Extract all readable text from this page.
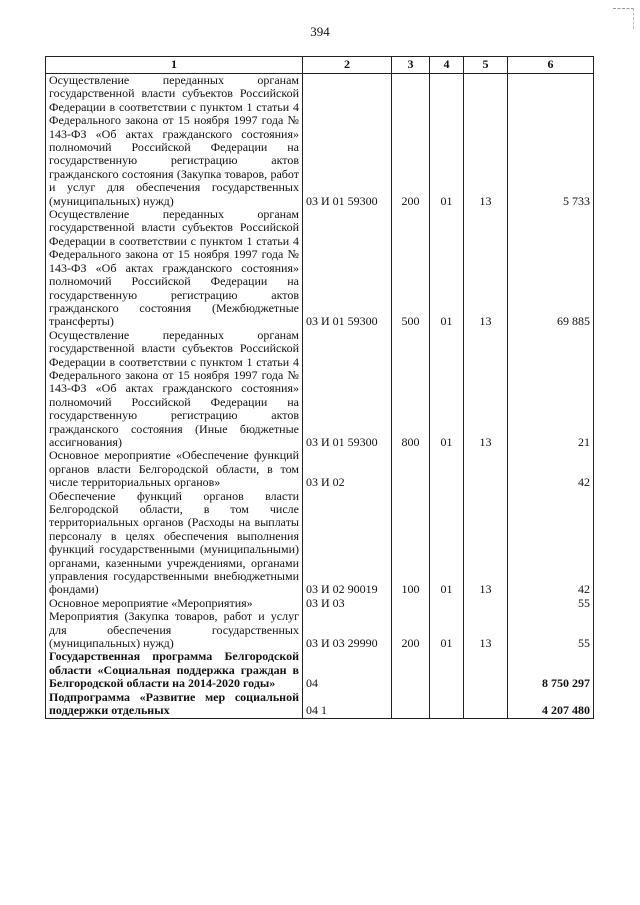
394
1	2	3	4	5	6
Осуществление переданных органам государственной власти субъектов Российской Федерации в соответствии с пунктом 1 статьи 4 Федерального закона от 15 ноября 1997 года № 143-ФЗ «Об актах гражданского состояния» полномочий Российской Федерации на государственную регистрацию актов гражданского состояния (Закупка товаров, работ и услуг для обеспечения государственных (муниципальных) нужд)	03 И 01 59300	200	01	13	5 733
Осуществление переданных органам государственной власти субъектов Российской Федерации в соответствии с пунктом 1 статьи 4 Федерального закона от 15 ноября 1997 года № 143-ФЗ «Об актах гражданского состояния» полномочий Российской Федерации на государственную регистрацию актов гражданского состояния (Межбюджетные трансферты)	03 И 01 59300	500	01	13	69 885
Осуществление переданных органам государственной власти субъектов Российской Федерации в соответствии с пунктом 1 статьи 4 Федерального закона от 15 ноября 1997 года № 143-ФЗ «Об актах гражданского состояния» полномочий Российской Федерации на государственную регистрацию актов гражданского состояния (Иные бюджетные ассигнования)	03 И 01 59300	800	01	13	21
Основное мероприятие «Обеспечение функций органов власти Белгородской области, в том числе территориальных органов»	03 И 02				42
Обеспечение функций органов власти Белгородской области, в том числе территориальных органов (Расходы на выплаты персоналу в целях обеспечения выполнения функций государственными (муниципальными) органами, казенными учреждениями, органами управления государственными внебюджетными фондами)	03 И 02 90019	100	01	13	42
Основное мероприятие «Мероприятия»	03 И 03				55
Мероприятия (Закупка товаров, работ и услуг для обеспечения государственных (муниципальных) нужд)	03 И 03 29990	200	01	13	55
Государственная программа Белгородской области «Социальная поддержка граждан в Белгородской области на 2014-2020 годы»	04				8 750 297
Подпрограмма «Развитие мер социальной поддержки отдельных	04 1				4 207 480
